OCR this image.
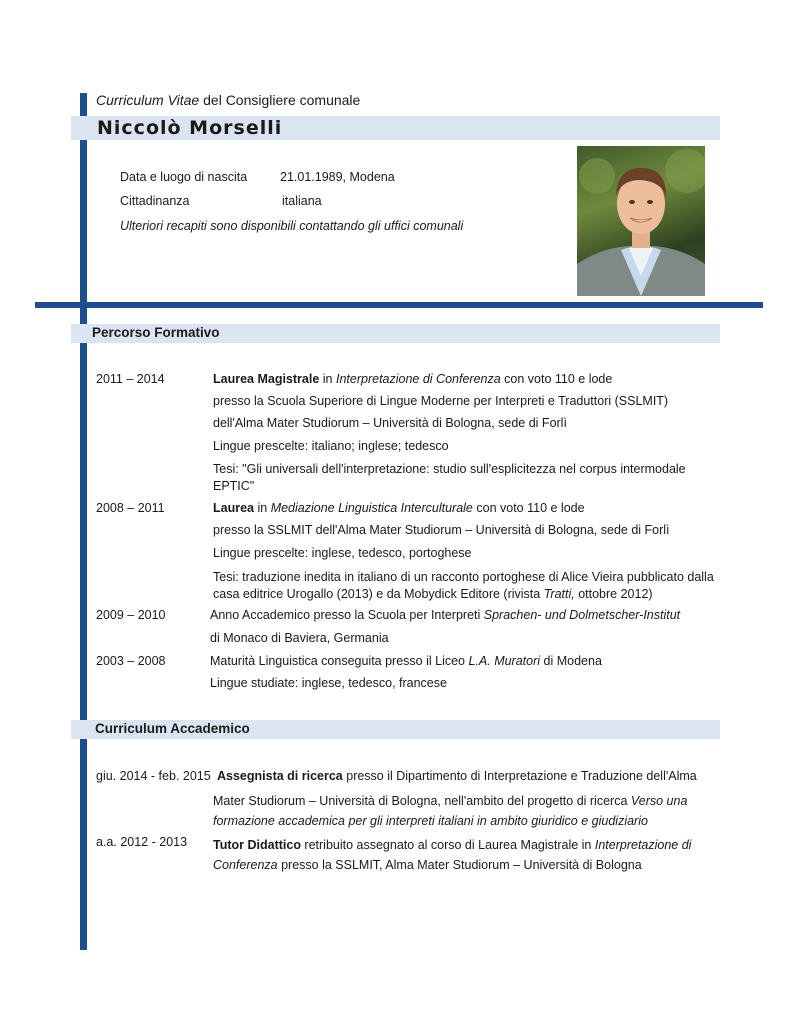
Curriculum Vitae del Consigliere comunale
Niccolò Morselli
Data e luogo di nascita	21.01.1989, Modena
Cittadinanza	italiana
Ulteriori recapiti sono disponibili contattando gli uffici comunali
Percorso Formativo
2011 – 2014	Laurea Magistrale in Interpretazione di Conferenza con voto 110 e lode
presso la Scuola Superiore di Lingue Moderne per Interpreti e Traduttori (SSLMIT)
dell'Alma Mater Studiorum – Università di Bologna, sede di Forlì
Lingue prescelte: italiano; inglese; tedesco
Tesi: "Gli universali dell'interpretazione: studio sull'esplicitezza nel corpus intermodale EPTIC"
2008 – 2011	Laurea in Mediazione Linguistica Interculturale con voto 110 e lode
presso la SSLMIT dell'Alma Mater Studiorum – Università di Bologna, sede di Forlì
Lingue prescelte: inglese, tedesco, portoghese
Tesi: traduzione inedita in italiano di un racconto portoghese di Alice Vieira pubblicato dalla casa editrice Urogallo (2013) e da Mobydick Editore (rivista Tratti, ottobre 2012)
2009 – 2010	Anno Accademico presso la Scuola per Interpreti Sprachen- und Dolmetscher-Institut
di Monaco di Baviera, Germania
2003 – 2008	Maturità Linguistica conseguita presso il Liceo L.A. Muratori di Modena
Lingue studiate: inglese, tedesco, francese
Curriculum Accademico
giu. 2014 - feb. 2015 Assegnista di ricerca presso il Dipartimento di Interpretazione e Traduzione dell'Alma
Mater Studiorum – Università di Bologna, nell'ambito del progetto di ricerca Verso una formazione accademica per gli interpreti italiani in ambito giuridico e giudiziario
a.a. 2012 - 2013 Tutor Didattico retribuito assegnato al corso di Laurea Magistrale in Interpretazione di Conferenza presso la SSLMIT, Alma Mater Studiorum – Università di Bologna
